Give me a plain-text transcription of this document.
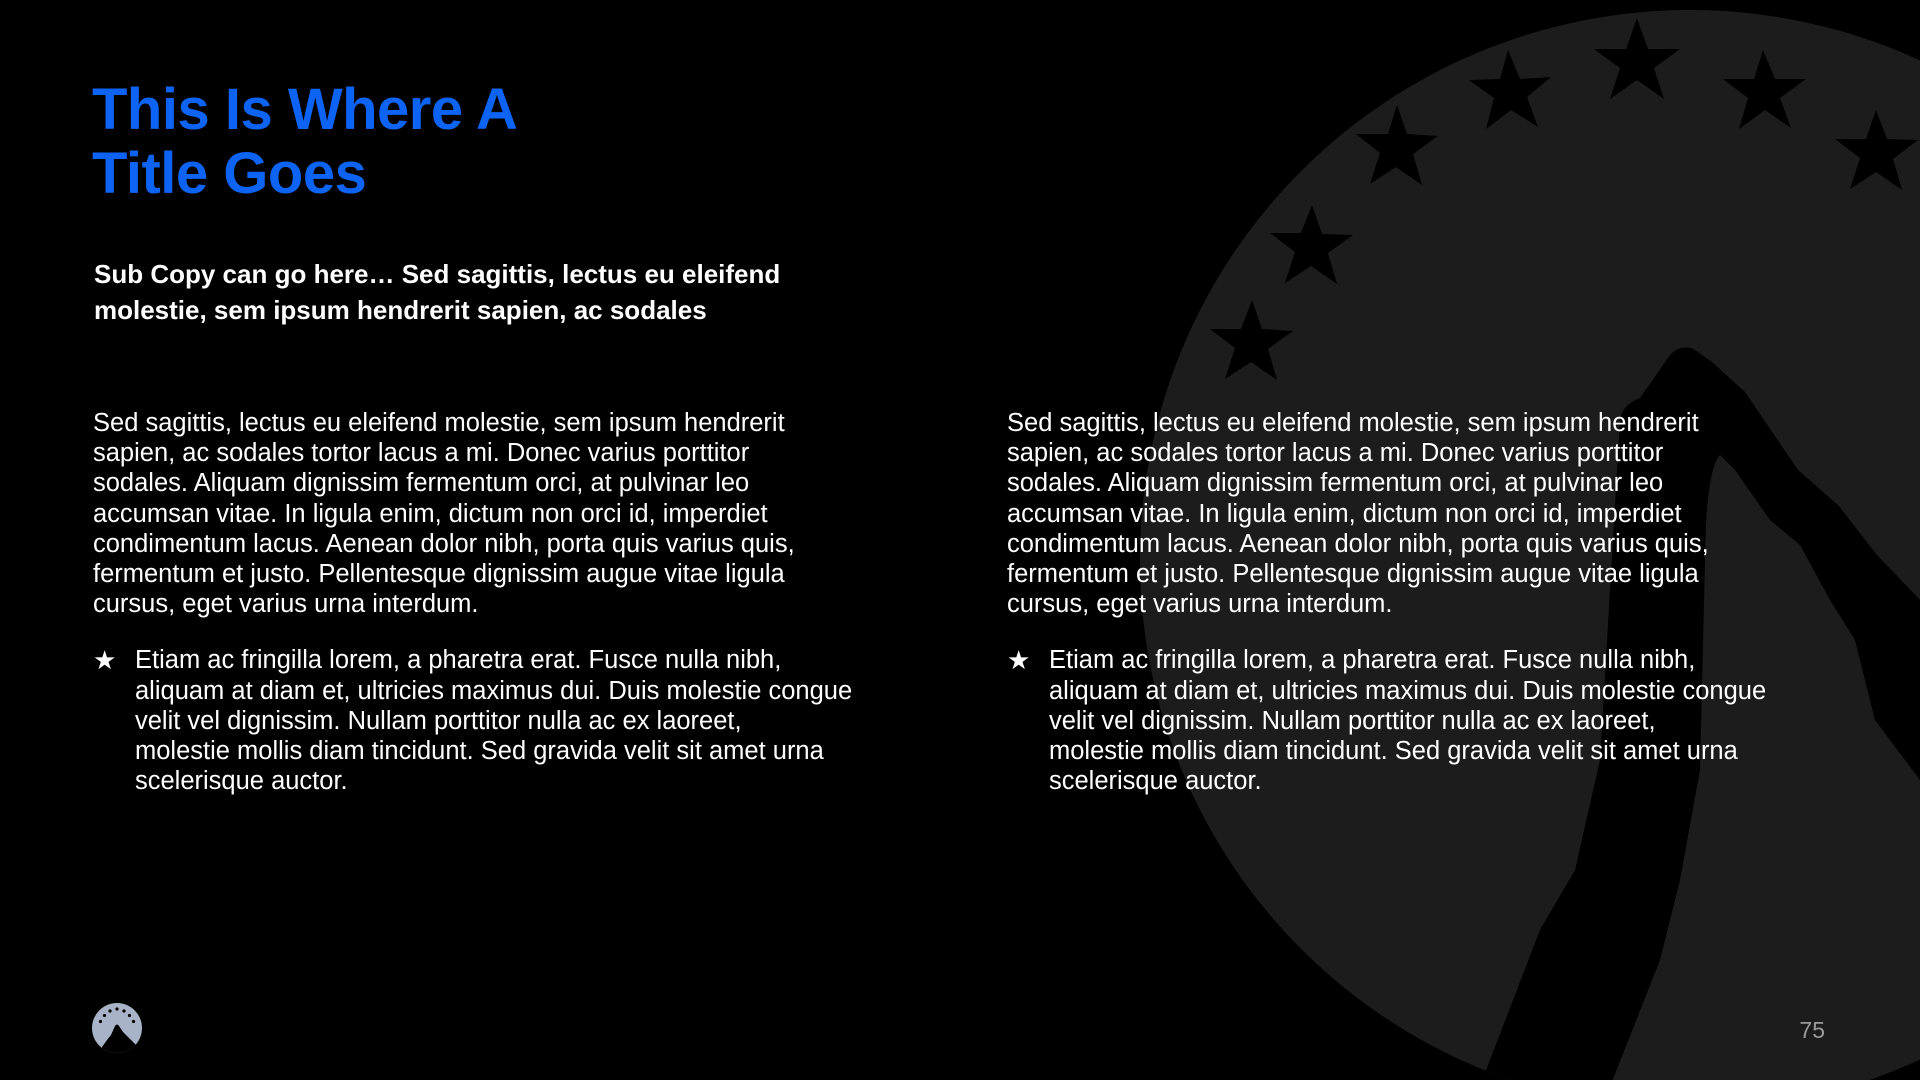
This Is Where A
Title Goes

Sub Copy can go here… Sed sagittis, lectus eu eleifend molestie, sem ipsum hendrerit sapien, ac sodales

Sed sagittis, lectus eu eleifend molestie, sem ipsum hendrerit
sapien, ac sodales tortor lacus a mi. Donec varius porttitor
sodales. Aliquam dignissim fermentum orci, at pulvinar leo
accumsan vitae. In ligula enim, dictum non orci id, imperdiet
condimentum lacus. Aenean dolor nibh, porta quis varius quis,
fermentum et justo. Pellentesque dignissim augue vitae ligula
cursus, eget varius urna interdum.

★ Etiam ac fringilla lorem, a pharetra erat. Fusce nulla nibh,
aliquam at diam et, ultricies maximus dui. Duis molestie congue
velit vel dignissim. Nullam porttitor nulla ac ex laoreet,
molestie mollis diam tincidunt. Sed gravida velit sit amet urna
scelerisque auctor.

Sed sagittis, lectus eu eleifend molestie, sem ipsum hendrerit
sapien, ac sodales tortor lacus a mi. Donec varius porttitor
sodales. Aliquam dignissim fermentum orci, at pulvinar leo
accumsan vitae. In ligula enim, dictum non orci id, imperdiet
condimentum lacus. Aenean dolor nibh, porta quis varius quis,
fermentum et justo. Pellentesque dignissim augue vitae ligula
cursus, eget varius urna interdum.

★ Etiam ac fringilla lorem, a pharetra erat. Fusce nulla nibh,
aliquam at diam et, ultricies maximus dui. Duis molestie congue
velit vel dignissim. Nullam porttitor nulla ac ex laoreet,
molestie mollis diam tincidunt. Sed gravida velit sit amet urna
scelerisque auctor.
75
